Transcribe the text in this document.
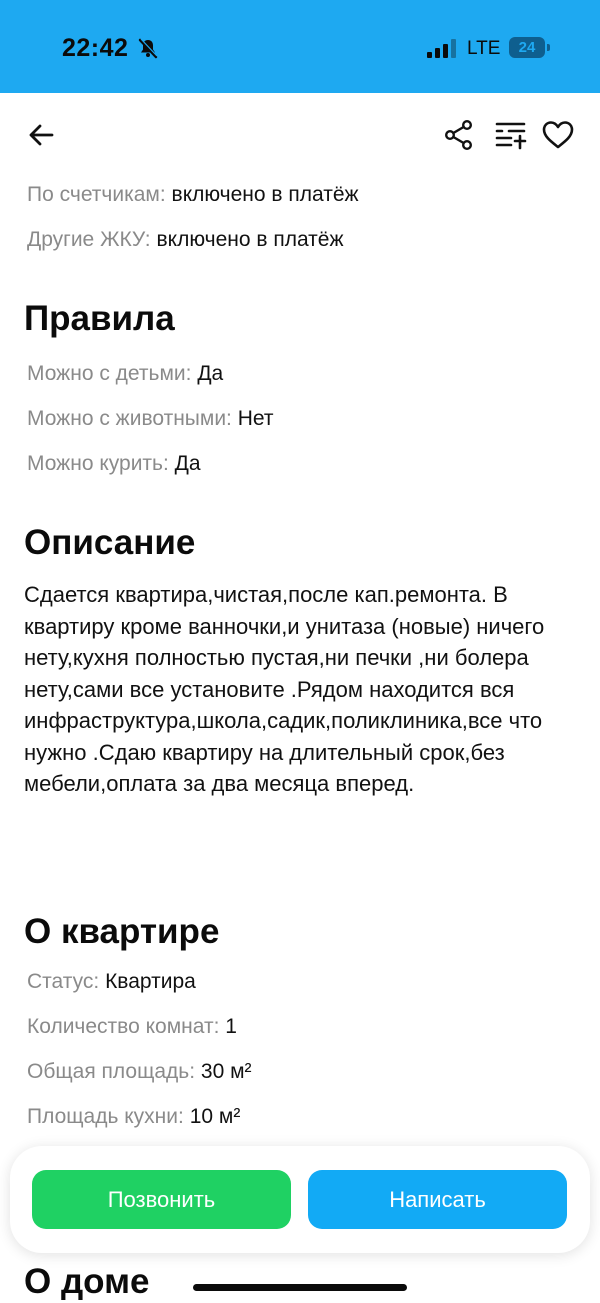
22:42	LTE	24
По счетчикам: включено в платёж
Другие ЖКУ: включено в платёж
Правила
Можно с детьми: Да
Можно с животными: Нет
Можно курить: Да
Описание
Сдается квартира,чистая,после кап.ремонта. В квартиру кроме ванночки,и унитаза (новые) ничего нету,кухня полностью пустая,ни печки ,ни болера нету,сами все установите .Рядом находится вся инфраструктура,школа,садик,поликлиника,все что нужно .Сдаю квартиру на длительный срок,без мебели,оплата за два месяца вперед.
О квартире
Статус: Квартира
Количество комнат: 1
Общая площадь: 30 м²
Площадь кухни: 10 м²
О доме
Позвонить	Написать
